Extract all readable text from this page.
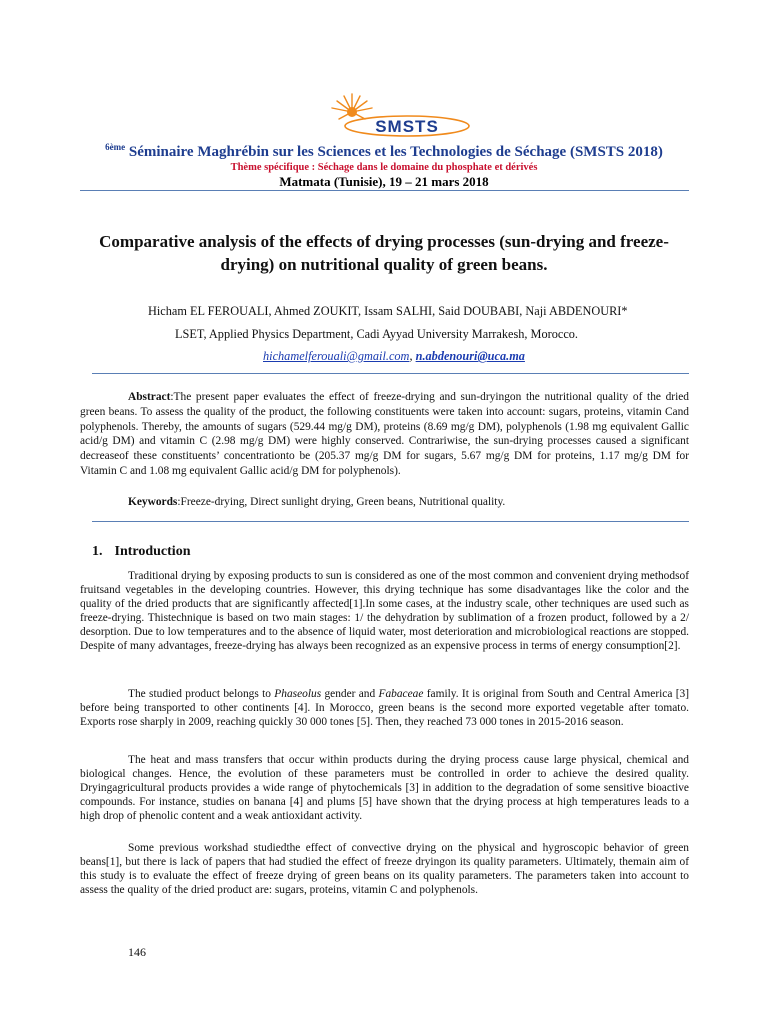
SMSTS
$^{6ème}$ Séminaire Maghrébin sur les Sciences et les Technologies de Séchage (SMSTS 2018)
Thème spécifique : Séchage dans le domaine du phosphate et dérivés
Matmata (Tunisie), 19 – 21 mars 2018
Comparative analysis of the effects of drying processes (sun-drying and freeze-drying) on nutritional quality of green beans.
Hicham EL FEROUALI, Ahmed ZOUKIT, Issam SALHI, Said DOUBABI, Naji ABDENOURI*
LSET, Applied Physics Department, Cadi Ayyad University Marrakesh, Morocco.
hichamelferouali@gmail.com, n.abdenouri@uca.ma
Abstract:The present paper evaluates the effect of freeze-drying and sun-dryingon the nutritional quality of the dried green beans. To assess the quality of the product, the following constituents were taken into account: sugars, proteins, vitamin Cand polyphenols. Thereby, the amounts of sugars (529.44 mg/g DM), proteins (8.69 mg/g DM), polyphenols (1.98 mg equivalent Gallic acid/g DM) and vitamin C (2.98 mg/g DM) were highly conserved. Contrariwise, the sun-drying processes caused a significant decreaseof these constituents’ concentrationto be (205.37 mg/g DM for sugars, 5.67 mg/g DM for proteins, 1.17 mg/g DM for Vitamin C and 1.08 mg equivalent Gallic acid/g DM for polyphenols).
Keywords:Freeze-drying, Direct sunlight drying, Green beans, Nutritional quality.
1. Introduction
Traditional drying by exposing products to sun is considered as one of the most common and convenient drying methodsof fruitsand vegetables in the developing countries. However, this drying technique has some disadvantages like the color and the quality of the dried products that are significantly affected[1].In some cases, at the industry scale, other techniques are used such as freeze-drying. Thistechnique is based on two main stages: 1/ the dehydration by sublimation of a frozen product, followed by a 2/ desorption. Due to low temperatures and to the absence of liquid water, most deterioration and microbiological reactions are stopped. Despite of many advantages, freeze-drying has always been recognized as an expensive process in terms of energy consumption[2].
The studied product belongs to Phaseolus gender and Fabaceae family. It is original from South and Central America [3] before being transported to other continents [4]. In Morocco, green beans is the second more exported vegetable after tomato. Exports rose sharply in 2009, reaching quickly 30 000 tones [5]. Then, they reached 73 000 tones in 2015-2016 season.
The heat and mass transfers that occur within products during the drying process cause large physical, chemical and biological changes. Hence, the evolution of these parameters must be controlled in order to achieve the desired quality. Dryingagricultural products provides a wide range of phytochemicals [3] in addition to the degradation of some sensitive bioactive compounds. For instance, studies on banana [4] and plums [5] have shown that the drying process at high temperatures leads to a high drop of phenolic content and a weak antioxidant activity.
Some previous workshad studiedthe effect of convective drying on the physical and hygroscopic behavior of green beans[1], but there is lack of papers that had studied the effect of freeze dryingon its quality parameters. Ultimately, themain aim of this study is to evaluate the effect of freeze drying of green beans on its quality parameters. The parameters taken into account to assess the quality of the dried product are: sugars, proteins, vitamin C and polyphenols.
146
